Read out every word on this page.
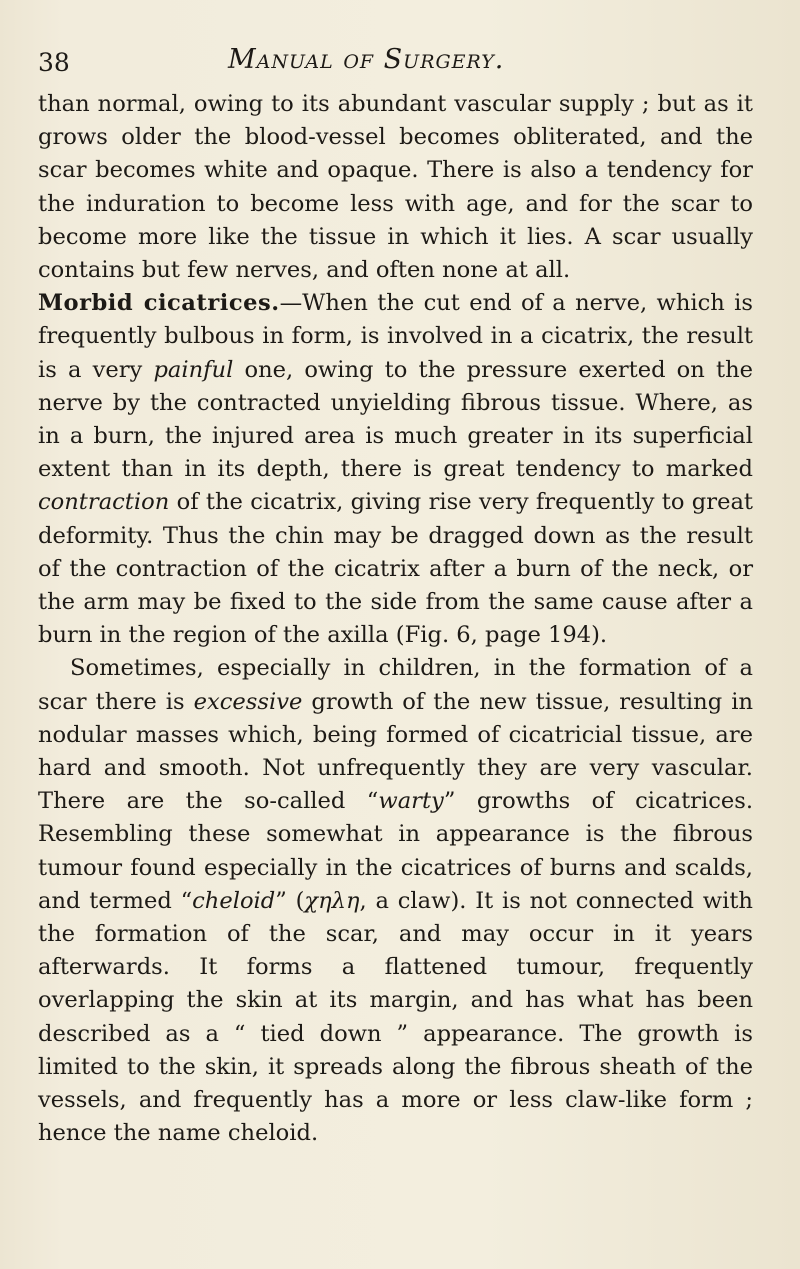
38	Manual of Surgery.

than normal, owing to its abundant vascular supply ; but as it grows older the blood-vessel becomes obliterated, and the scar becomes white and opaque. There is also a tendency for the induration to become less with age, and for the scar to become more like the tissue in which it lies. A scar usually contains but few nerves, and often none at all.

Morbid cicatrices.—When the cut end of a nerve, which is frequently bulbous in form, is involved in a cicatrix, the result is a very painful one, owing to the pressure exerted on the nerve by the contracted unyielding fibrous tissue. Where, as in a burn, the injured area is much greater in its superficial extent than in its depth, there is great tendency to marked contraction of the cicatrix, giving rise very frequently to great deformity. Thus the chin may be dragged down as the result of the contraction of the cicatrix after a burn of the neck, or the arm may be fixed to the side from the same cause after a burn in the region of the axilla (Fig. 6, page 194).

Sometimes, especially in children, in the formation of a scar there is excessive growth of the new tissue, resulting in nodular masses which, being formed of cicatricial tissue, are hard and smooth. Not unfrequently they are very vascular. There are the so-called “warty” growths of cicatrices. Resembling these somewhat in appearance is the fibrous tumour found especially in the cicatrices of burns and scalds, and termed “cheloid” (χηλη, a claw). It is not connected with the formation of the scar, and may occur in it years afterwards. It forms a flattened tumour, frequently overlapping the skin at its margin, and has what has been described as a “ tied down ” appearance. The growth is limited to the skin, it spreads along the fibrous sheath of the vessels, and frequently has a more or less claw-like form ; hence the name cheloid.
